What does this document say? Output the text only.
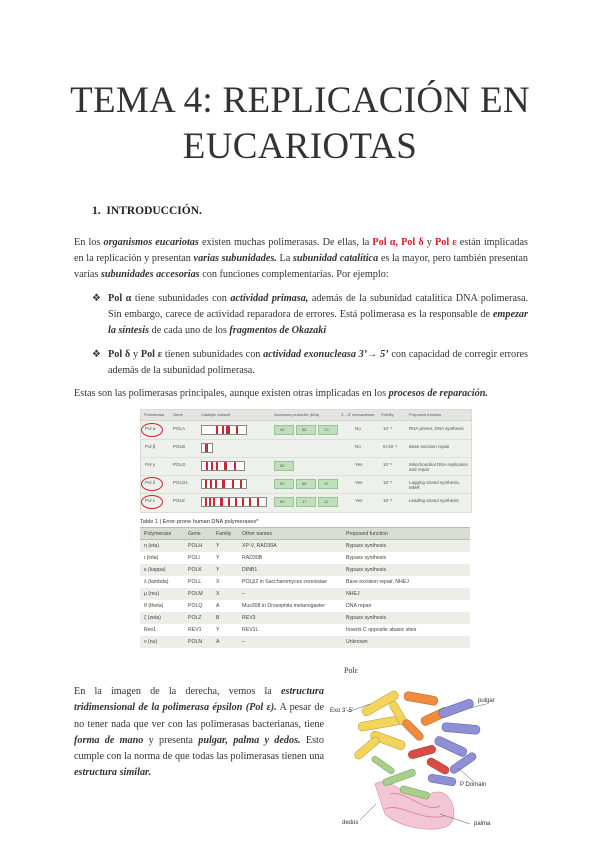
TEMA 4: REPLICACIÓN EN
EUCARIOTAS
1.  INTRODUCCIÓN.
En los organismos eucariotas existen muchas polimerasas. De ellas, la Pol α, Pol δ y Pol ε están implicadas en la replicación y presentan varias subunidades. La subunidad catalítica es la mayor, pero también presentan varias subunidades accesorias con funciones complementarias. Por ejemplo:
❖ Pol α tiene subunidades con actividad primasa, además de la subunidad catalítica DNA polimerasa. Sin embargo, carece de actividad reparadora de errores. Está polimerasa es la responsable de empezar la síntesis de cada uno de los fragmentos de Okazaki
❖ Pol δ y Pol ε tienen subunidades con actividad exonucleasa 3’→ 5’ con capacidad de corregir errores además de la subunidad polimerasa.
Estas son las polimerasas principales, aunque existen otras implicadas en los procesos de reparación.
Polimerasa Gene	Catalytic subunit	Accessory subunits (kDa)	3'→5' exonuclease Fidelity	Proposed function
Pol α	POLA	49	58	70	No	10⁻⁴	RNA primer, DNA synthesis
Pol β	POLB	No	5×10⁻⁴	Base excision repair
Pol γ	POLG	55	Yes	10⁻⁶	Mitochondrial DNA replication and repair
Pol δ	POLD1	50	66	12	Yes	10⁻⁵	Lagging strand synthesis, MMR
Pol ε	POLE	59	17	12	Yes	10⁻⁵	Leading strand synthesis
Table 1 | Error-prone human DNA polymerases*
Polymerase	Gene	Family Other names	Proposed function
η (eta)	POLH	Y	XP-V, RAD30A	Bypass synthesis
ι (iota)	POLI	Y	RAD30B	Bypass synthesis
κ (kappa)	POLK	Y	DINB1	Bypass synthesis
λ (lambda)	POLL	X	POLβ2 in Saccharomyces cerevisiae	Base excision repair, NHEJ
μ (mu)	POLM	X	–	NHEJ
θ (theta)	POLQ	A	Mus308 in Drosophila melanogaster	DNA repair
ζ (zeta)	POLZ	B	REV3	Bypass synthesis
Rev1	REV1	Y	REV1L	Inserts C opposite abasic sites
ν (nu)	POLN	A	–	Unknown
En la imagen de la derecha, vemos la estructura tridimensional de la polimerasa épsilon (Pol ε). A pesar de no tener nada que ver con las polimerasas bacterianas, tiene forma de mano y presenta pulgar, palma y dedos. Esto cumple con la norma de que todas las polimerasas tienen una estructura similar.
Polε
Exo 3’-5’
pulgar
P Domain
palma
dedos
